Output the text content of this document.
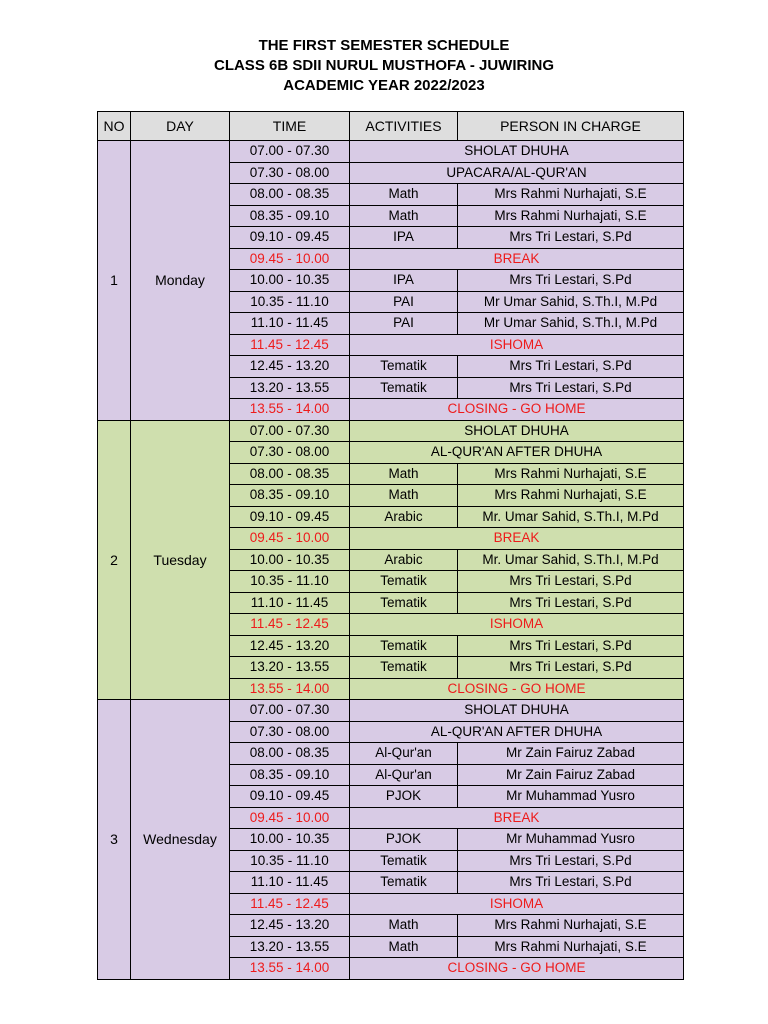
THE FIRST SEMESTER SCHEDULE
CLASS 6B SDII NURUL MUSTHOFA - JUWIRING
ACADEMIC YEAR 2022/2023
NO	DAY	TIME	ACTIVITIES	PERSON IN CHARGE
1	Monday	07.00 - 07.30	SHOLAT DHUHA	
		07.30 - 08.00	UPACARA/AL-QUR'AN	
		08.00 - 08.35	Math	Mrs Rahmi Nurhajati, S.E
		08.35 - 09.10	Math	Mrs Rahmi Nurhajati, S.E
		09.10 - 09.45	IPA	Mrs Tri Lestari, S.Pd
		09.45 - 10.00	BREAK	
		10.00 - 10.35	IPA	Mrs Tri Lestari, S.Pd
		10.35 - 11.10	PAI	Mr Umar Sahid, S.Th.I, M.Pd
		11.10 - 11.45	PAI	Mr Umar Sahid, S.Th.I, M.Pd
		11.45 - 12.45	ISHOMA	
		12.45 - 13.20	Tematik	Mrs Tri Lestari, S.Pd
		13.20 - 13.55	Tematik	Mrs Tri Lestari, S.Pd
		13.55 - 14.00	CLOSING - GO HOME	
2	Tuesday	07.00 - 07.30	SHOLAT DHUHA	
		07.30 - 08.00	AL-QUR'AN AFTER DHUHA	
		08.00 - 08.35	Math	Mrs Rahmi Nurhajati, S.E
		08.35 - 09.10	Math	Mrs Rahmi Nurhajati, S.E
		09.10 - 09.45	Arabic	Mr. Umar Sahid, S.Th.I, M.Pd
		09.45 - 10.00	BREAK	
		10.00 - 10.35	Arabic	Mr. Umar Sahid, S.Th.I, M.Pd
		10.35 - 11.10	Tematik	Mrs Tri Lestari, S.Pd
		11.10 - 11.45	Tematik	Mrs Tri Lestari, S.Pd
		11.45 - 12.45	ISHOMA	
		12.45 - 13.20	Tematik	Mrs Tri Lestari, S.Pd
		13.20 - 13.55	Tematik	Mrs Tri Lestari, S.Pd
		13.55 - 14.00	CLOSING - GO HOME	
3	Wednesday	07.00 - 07.30	SHOLAT DHUHA	
		07.30 - 08.00	AL-QUR'AN AFTER DHUHA	
		08.00 - 08.35	Al-Qur'an	Mr Zain Fairuz Zabad
		08.35 - 09.10	Al-Qur'an	Mr Zain Fairuz Zabad
		09.10 - 09.45	PJOK	Mr Muhammad Yusro
		09.45 - 10.00	BREAK	
		10.00 - 10.35	PJOK	Mr Muhammad Yusro
		10.35 - 11.10	Tematik	Mrs Tri Lestari, S.Pd
		11.10 - 11.45	Tematik	Mrs Tri Lestari, S.Pd
		11.45 - 12.45	ISHOMA	
		12.45 - 13.20	Math	Mrs Rahmi Nurhajati, S.E
		13.20 - 13.55	Math	Mrs Rahmi Nurhajati, S.E
		13.55 - 14.00	CLOSING - GO HOME	
